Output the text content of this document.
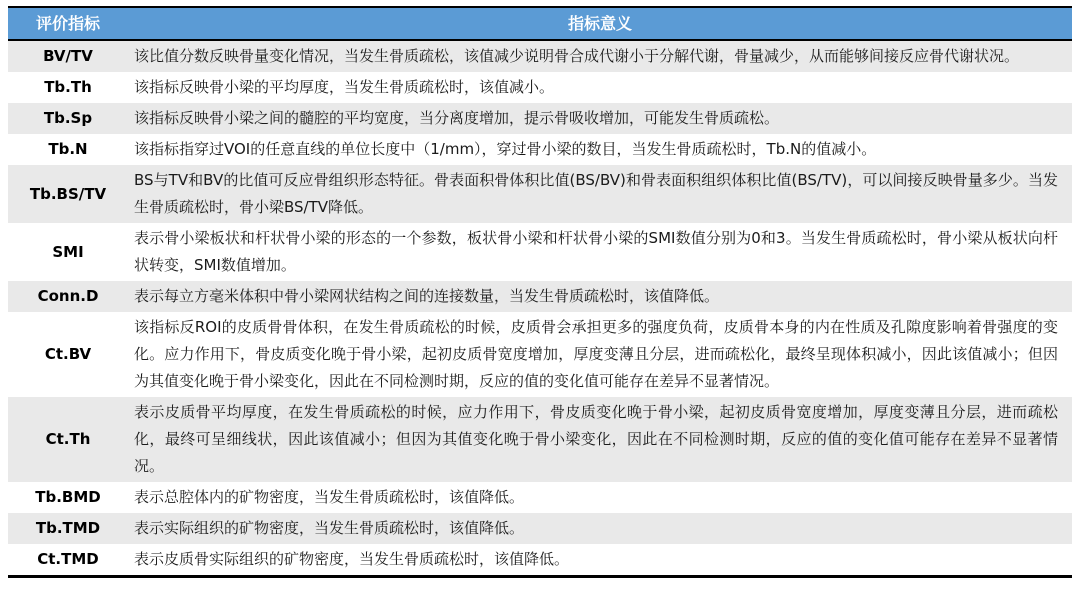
评价指标	指标意义
BV/TV	该比值分数反映骨量变化情况，当发生骨质疏松，该值减少说明骨合成代谢小于分解代谢，骨量减少，从而能够间接反应骨代谢状况。
Tb.Th	该指标反映骨小梁的平均厚度，当发生骨质疏松时，该值减小。
Tb.Sp	该指标反映骨小梁之间的髓腔的平均宽度，当分离度增加，提示骨吸收增加，可能发生骨质疏松。
Tb.N	该指标指穿过VOI的任意直线的单位长度中（1/mm），穿过骨小梁的数目，当发生骨质疏松时，Tb.N的值减小。
Tb.BS/TV	BS与TV和BV的比值可反应骨组织形态特征。骨表面积骨体积比值(BS/BV)和骨表面积组织体积比值(BS/TV)，可以间接反映骨量多少。当发生骨质疏松时，骨小梁BS/TV降低。
SMI	表示骨小梁板状和杆状骨小梁的形态的一个参数，板状骨小梁和杆状骨小梁的SMI数值分别为0和3。当发生骨质疏松时，骨小梁从板状向杆状转变，SMI数值增加。
Conn.D	表示每立方毫米体积中骨小梁网状结构之间的连接数量，当发生骨质疏松时，该值降低。
Ct.BV	该指标反ROI的皮质骨骨体积，在发生骨质疏松的时候，皮质骨会承担更多的强度负荷，皮质骨本身的内在性质及孔隙度影响着骨强度的变化。应力作用下，骨皮质变化晚于骨小梁，起初皮质骨宽度增加，厚度变薄且分层，进而疏松化，最终呈现体积减小，因此该值减小；但因为其值变化晚于骨小梁变化，因此在不同检测时期，反应的值的变化值可能存在差异不显著情况。
Ct.Th	表示皮质骨平均厚度，在发生骨质疏松的时候，应力作用下，骨皮质变化晚于骨小梁，起初皮质骨宽度增加，厚度变薄且分层，进而疏松化，最终可呈细线状，因此该值减小；但因为其值变化晚于骨小梁变化，因此在不同检测时期，反应的值的变化值可能存在差异不显著情况。
Tb.BMD	表示总腔体内的矿物密度，当发生骨质疏松时，该值降低。
Tb.TMD	表示实际组织的矿物密度，当发生骨质疏松时，该值降低。
Ct.TMD	表示皮质骨实际组织的矿物密度，当发生骨质疏松时，该值降低。
